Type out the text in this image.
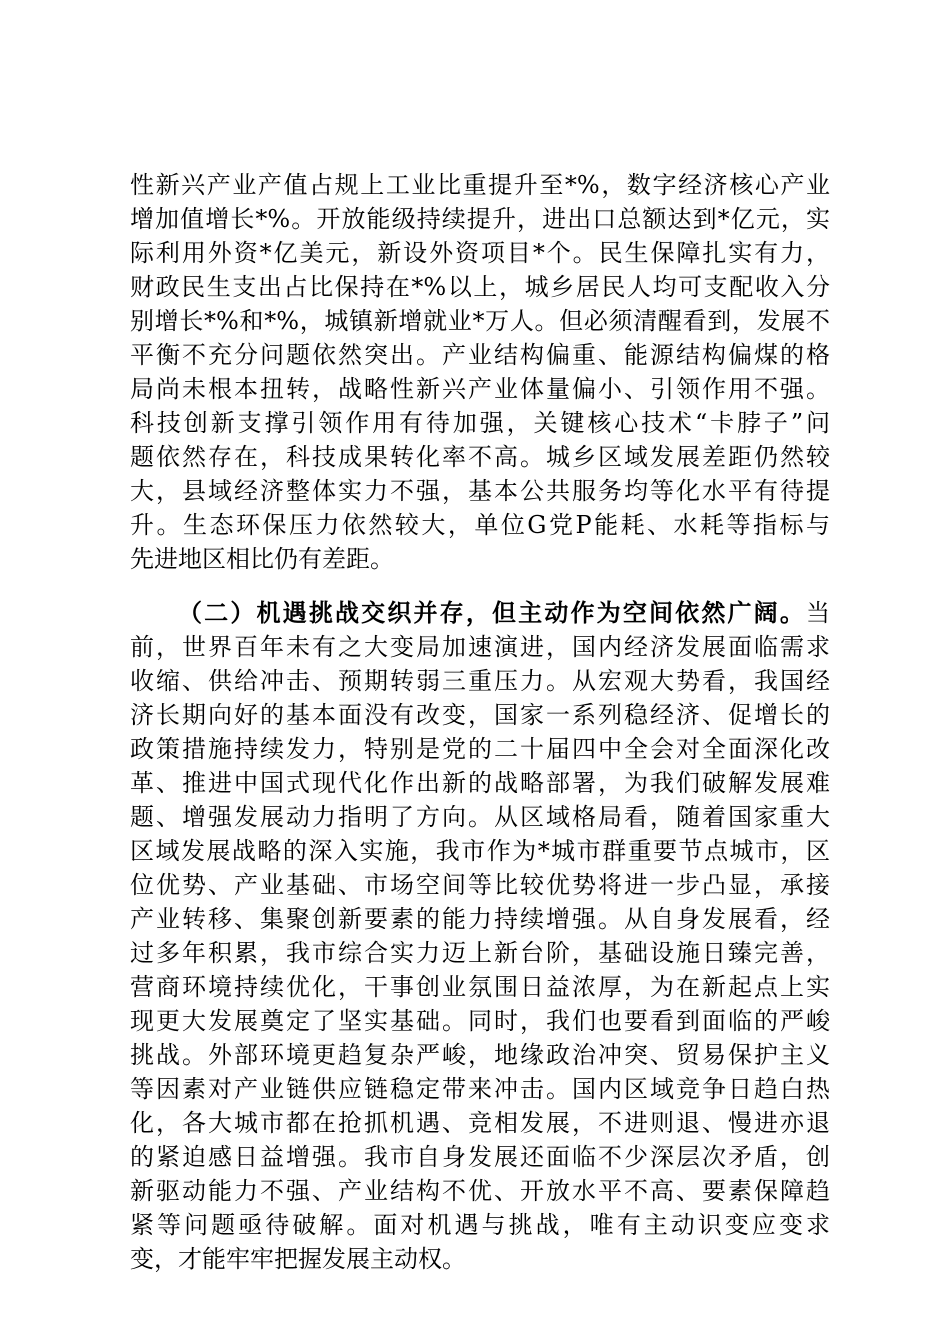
性新兴产业产值占规上工业比重提升至*%，数字经济核心产业
增加值增长*%。开放能级持续提升，进出口总额达到*亿元，实
际利用外资*亿美元，新设外资项目*个。民生保障扎实有力，
财政民生支出占比保持在*%以上，城乡居民人均可支配收入分
别增长*%和*%，城镇新增就业*万人。但必须清醒看到，发展不
平衡不充分问题依然突出。产业结构偏重、能源结构偏煤的格
局尚未根本扭转，战略性新兴产业体量偏小、引领作用不强。
科技创新支撑引领作用有待加强，关键核心技术“卡脖子”问
题依然存在，科技成果转化率不高。城乡区域发展差距仍然较
大，县域经济整体实力不强，基本公共服务均等化水平有待提
升。生态环保压力依然较大，单位G党P能耗、水耗等指标与
先进地区相比仍有差距。
（二）机遇挑战交织并存，但主动作为空间依然广阔。当
前，世界百年未有之大变局加速演进，国内经济发展面临需求
收缩、供给冲击、预期转弱三重压力。从宏观大势看，我国经
济长期向好的基本面没有改变，国家一系列稳经济、促增长的
政策措施持续发力，特别是党的二十届四中全会对全面深化改
革、推进中国式现代化作出新的战略部署，为我们破解发展难
题、增强发展动力指明了方向。从区域格局看，随着国家重大
区域发展战略的深入实施，我市作为*城市群重要节点城市，区
位优势、产业基础、市场空间等比较优势将进一步凸显，承接
产业转移、集聚创新要素的能力持续增强。从自身发展看，经
过多年积累，我市综合实力迈上新台阶，基础设施日臻完善，
营商环境持续优化，干事创业氛围日益浓厚，为在新起点上实
现更大发展奠定了坚实基础。同时，我们也要看到面临的严峻
挑战。外部环境更趋复杂严峻，地缘政治冲突、贸易保护主义
等因素对产业链供应链稳定带来冲击。国内区域竞争日趋白热
化，各大城市都在抢抓机遇、竞相发展，不进则退、慢进亦退
的紧迫感日益增强。我市自身发展还面临不少深层次矛盾，创
新驱动能力不强、产业结构不优、开放水平不高、要素保障趋
紧等问题亟待破解。面对机遇与挑战，唯有主动识变应变求
变，才能牢牢把握发展主动权。
